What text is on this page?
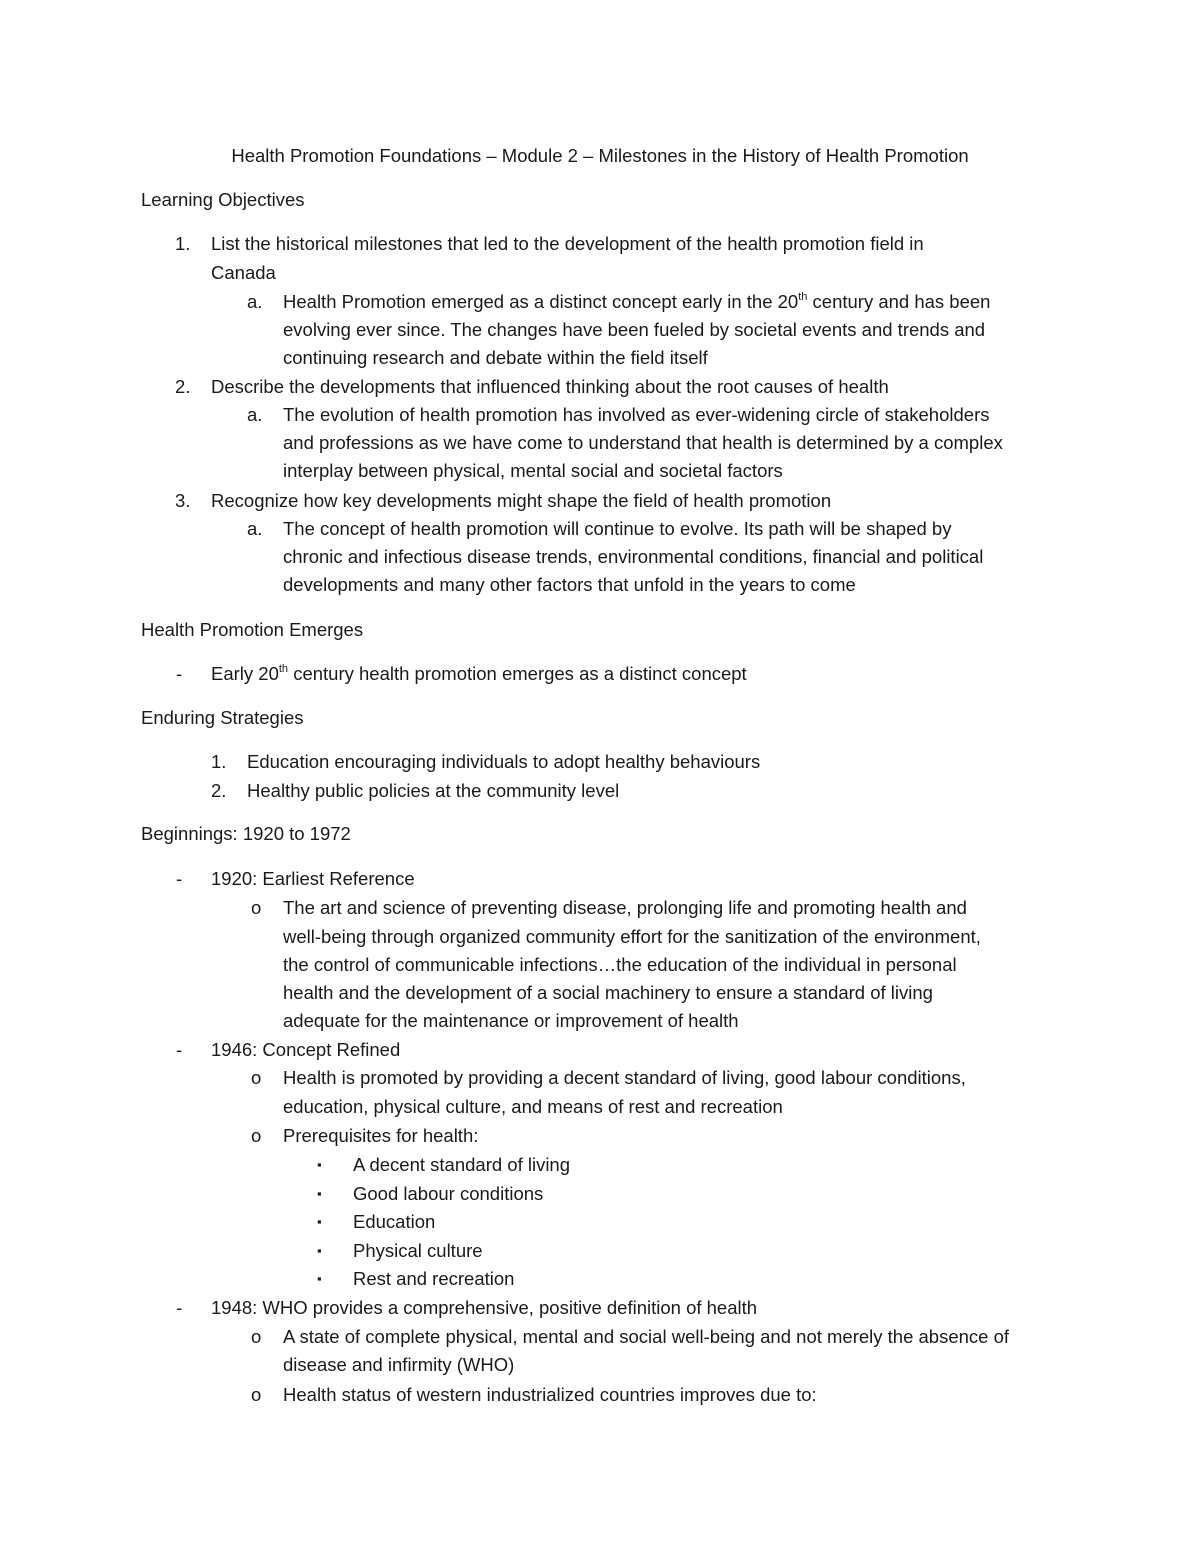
Health Promotion Foundations – Module 2 – Milestones in the History of Health Promotion
Learning Objectives
1. List the historical milestones that led to the development of the health promotion field in
Canada
a. Health Promotion emerged as a distinct concept early in the 20th century and has been
evolving ever since. The changes have been fueled by societal events and trends and
continuing research and debate within the field itself
2. Describe the developments that influenced thinking about the root causes of health
a. The evolution of health promotion has involved as ever-widening circle of stakeholders
and professions as we have come to understand that health is determined by a complex
interplay between physical, mental social and societal factors
3. Recognize how key developments might shape the field of health promotion
a. The concept of health promotion will continue to evolve. Its path will be shaped by
chronic and infectious disease trends, environmental conditions, financial and political
developments and many other factors that unfold in the years to come
Health Promotion Emerges
- Early 20th century health promotion emerges as a distinct concept
Enduring Strategies
1. Education encouraging individuals to adopt healthy behaviours
2. Healthy public policies at the community level
Beginnings: 1920 to 1972
- 1920: Earliest Reference
o The art and science of preventing disease, prolonging life and promoting health and
well-being through organized community effort for the sanitization of the environment,
the control of communicable infections…the education of the individual in personal
health and the development of a social machinery to ensure a standard of living
adequate for the maintenance or improvement of health
- 1946: Concept Refined
o Health is promoted by providing a decent standard of living, good labour conditions,
education, physical culture, and means of rest and recreation
o Prerequisites for health:
▪ A decent standard of living
▪ Good labour conditions
▪ Education
▪ Physical culture
▪ Rest and recreation
- 1948: WHO provides a comprehensive, positive definition of health
o A state of complete physical, mental and social well-being and not merely the absence of
disease and infirmity (WHO)
o Health status of western industrialized countries improves due to:
